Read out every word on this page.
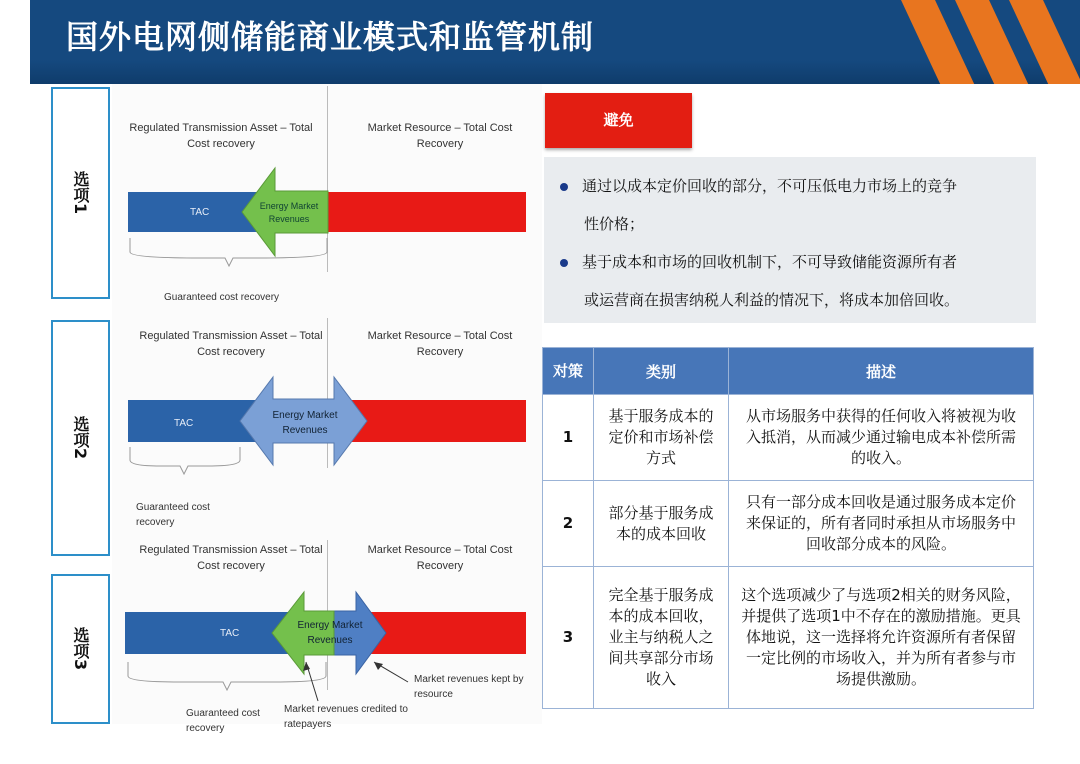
国外电网侧储能商业模式和监管机制
选项1
选项2
选项3
Regulated Transmission Asset – Total Cost recovery
Market Resource – Total Cost Recovery
TAC
Energy Market Revenues
Guaranteed cost recovery
Regulated Transmission Asset – Total Cost recovery
Market Resource – Total Cost Recovery
TAC
Energy Market Revenues
Guaranteed cost recovery
Regulated Transmission Asset – Total Cost recovery
Market Resource – Total Cost Recovery
TAC
Energy Market Revenues
Guaranteed cost recovery
Market revenues credited to ratepayers
Market revenues kept by resource
避免
通过以成本定价回收的部分，不可压低电力市场上的竞争
性价格；
基于成本和市场的回收机制下，不可导致储能资源所有者
或运营商在损害纳税人利益的情况下，将成本加倍回收。
对策	类别	描述
1	基于服务成本的定价和市场补偿方式	从市场服务中获得的任何收入将被视为收入抵消，从而减少通过输电成本补偿所需的收入。
2	部分基于服务成本的成本回收	只有一部分成本回收是通过服务成本定价来保证的，所有者同时承担从市场服务中回收部分成本的风险。
3	完全基于服务成本的成本回收，业主与纳税人之间共享部分市场收入	这个选项减少了与选项2相关的财务风险，并提供了选项1中不存在的激励措施。更具体地说，这一选择将允许资源所有者保留一定比例的市场收入，并为所有者参与市场提供激励。
